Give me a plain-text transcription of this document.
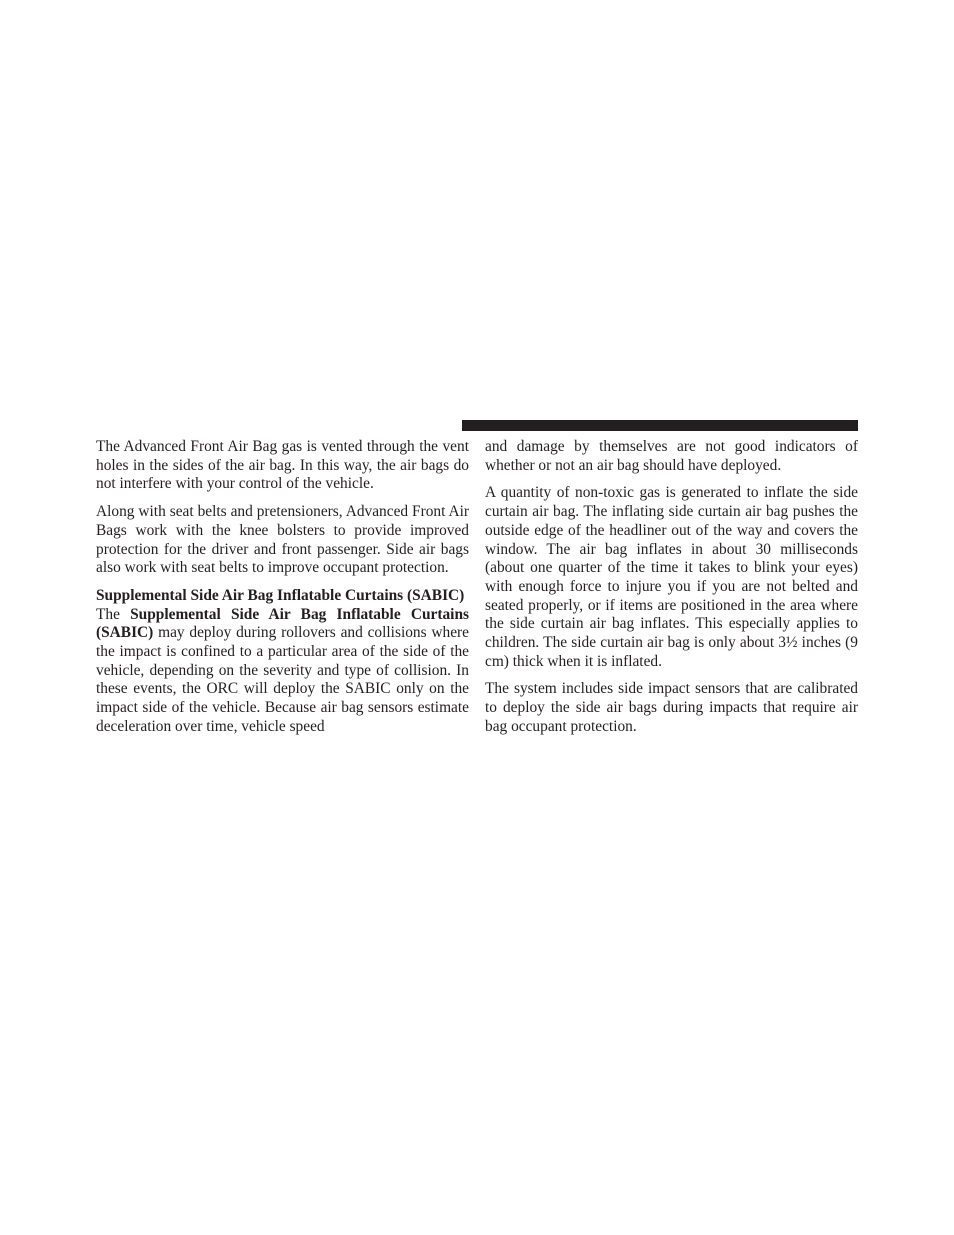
The Advanced Front Air Bag gas is vented through the vent holes in the sides of the air bag. In this way, the air bags do not interfere with your control of the vehicle.

Along with seat belts and pretensioners, Advanced Front Air Bags work with the knee bolsters to provide improved protection for the driver and front passenger. Side air bags also work with seat belts to improve occupant protection.

Supplemental Side Air Bag Inflatable Curtains (SABIC)

The Supplemental Side Air Bag Inflatable Curtains (SABIC) may deploy during rollovers and collisions where the impact is confined to a particular area of the side of the vehicle, depending on the severity and type of collision. In these events, the ORC will deploy the SABIC only on the impact side of the vehicle. Because air bag sensors estimate deceleration over time, vehicle speed

and damage by themselves are not good indicators of whether or not an air bag should have deployed.

A quantity of non-toxic gas is generated to inflate the side curtain air bag. The inflating side curtain air bag pushes the outside edge of the headliner out of the way and covers the window. The air bag inflates in about 30 milliseconds (about one quarter of the time it takes to blink your eyes) with enough force to injure you if you are not belted and seated properly, or if items are positioned in the area where the side curtain air bag inflates. This especially applies to children. The side curtain air bag is only about 3½ inches (9 cm) thick when it is inflated.

The system includes side impact sensors that are calibrated to deploy the side air bags during impacts that require air bag occupant protection.
